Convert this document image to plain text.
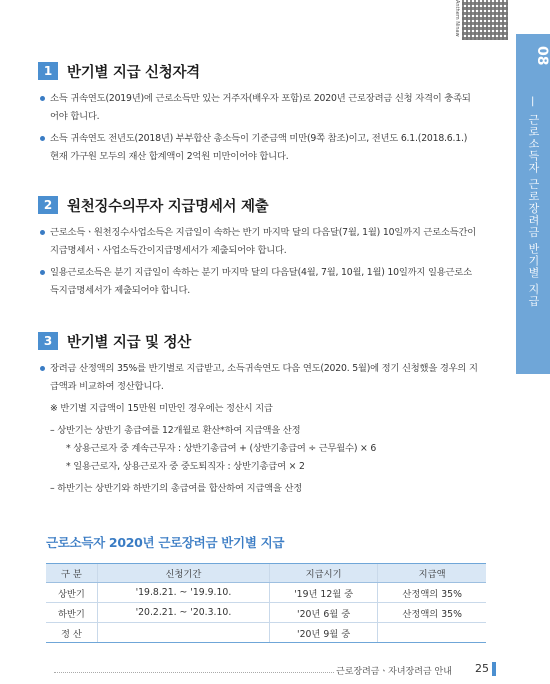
Anthem Ninaw
08
|
근로소득자 근로장려금 반기별 지급
1	반기별 지급 신청자격
소득 귀속연도(2019년)에 근로소득만 있는 거주자(배우자 포함)로 2020년 근로장려금 신청 자격이 충족되어야 합니다.
소득 귀속연도 전년도(2018년) 부부합산 총소득이 기준금액 미만(9쪽 참조)이고, 전년도 6.1.(2018.6.1.) 현재 가구원 모두의 재산 합계액이 2억원 미만이어야 합니다.
2	원천징수의무자 지급명세서 제출
근로소득ㆍ원천징수사업소득은 지급일이 속하는 반기 마지막 달의 다음달(7월, 1월) 10일까지 근로소득간이지급명세서ㆍ사업소득간이지급명세서가 제출되어야 합니다.
일용근로소득은 분기 지급일이 속하는 분기 마지막 달의 다음달(4월, 7월, 10월, 1월) 10일까지 일용근로소득지급명세서가 제출되어야 합니다.
3	반기별 지급 및 정산
장려금 산정액의 35%를 반기별로 지급받고, 소득귀속연도 다음 연도(2020. 5월)에 정기 신청했을 경우의 지급액과 비교하여 정산합니다.
※ 반기별 지급액이 15만원 미만인 경우에는 정산시 지급
– 상반기는 상반기 총급여를 12개월로 환산*하여 지급액을 산정
* 상용근로자 중 계속근무자 : 상반기총급여 + (상반기총급여 ÷ 근무월수) × 6
* 일용근로자, 상용근로자 중 중도퇴직자 : 상반기총급여 × 2
– 하반기는 상반기와 하반기의 총급여를 합산하여 지급액을 산정
근로소득자 2020년 근로장려금 반기별 지급
구 분	신청기간	지급시기	지급액
상반기	'19.8.21. ~ '19.9.10.	'19년 12월 중	산정액의 35%
하반기	'20.2.21. ~ '20.3.10.	'20년 6월 중	산정액의 35%
정 산		'20년 9월 중	
근로장려금ㆍ자녀장려금 안내 25
